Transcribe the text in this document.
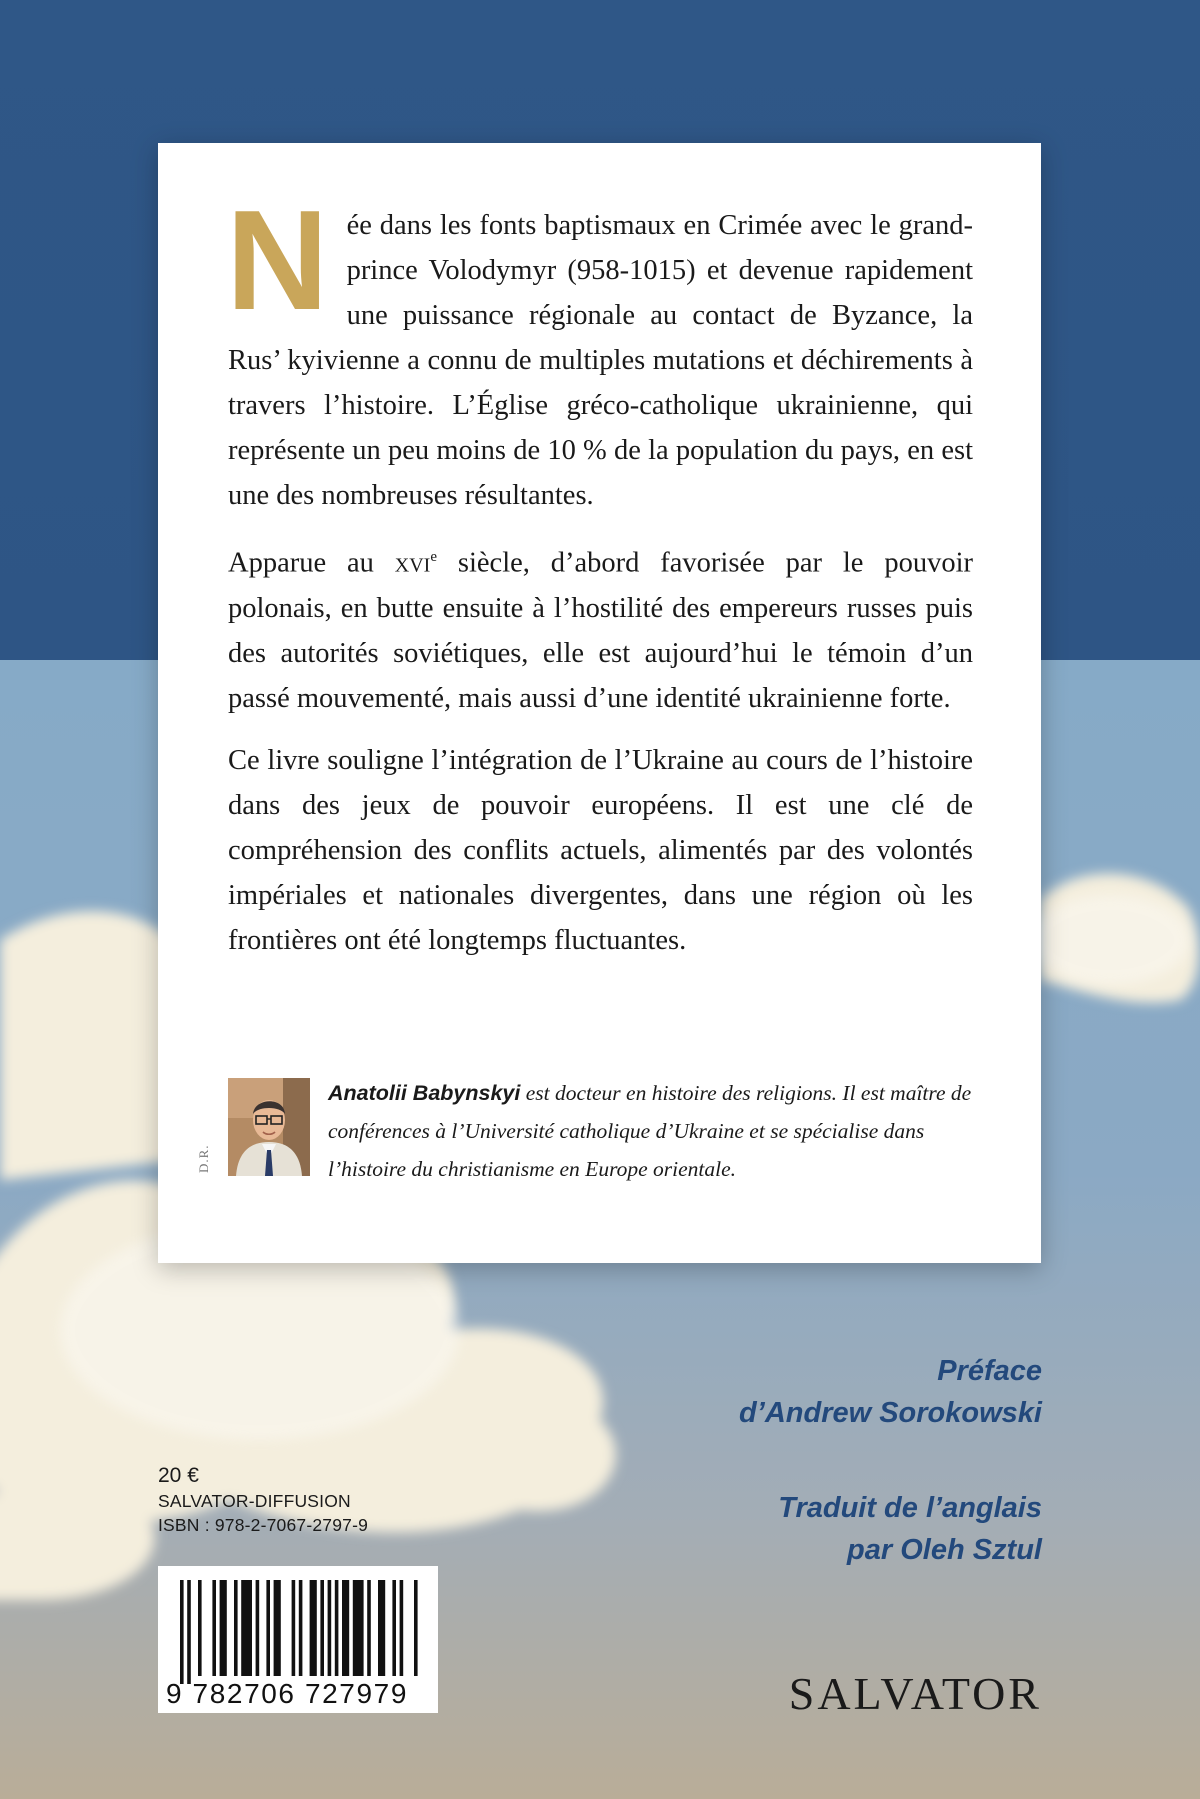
Née dans les fonts baptismaux en Crimée avec le grand-prince Volodymyr (958-1015) et devenue rapidement une puissance régionale au contact de Byzance, la Rus’ kyivienne a connu de multiples mutations et déchirements à travers l’histoire. L’Église gréco-catholique ukrainienne, qui représente un peu moins de 10 % de la population du pays, en est une des nombreuses résultantes.

Apparue au xvi$^e$ siècle, d’abord favorisée par le pouvoir polonais, en butte ensuite à l’hostilité des empereurs russes puis des autorités soviétiques, elle est aujourd’hui le témoin d’un passé mouvementé, mais aussi d’une identité ukrainienne forte.

Ce livre souligne l’intégration de l’Ukraine au cours de l’histoire dans des jeux de pouvoir européens. Il est une clé de compréhension des conflits actuels, alimentés par des volontés impériales et nationales divergentes, dans une région où les frontières ont été longtemps fluctuantes.

D.R.
Anatolii Babynskyi est docteur en histoire des religions. Il est maître de conférences à l’Université catholique d’Ukraine et se spécialise dans l’histoire du christianisme en Europe orientale.
Préface
d’Andrew Sorokowski
Traduit de l’anglais
par Oleh Sztul
20 €
SALVATOR-DIFFUSION
ISBN : 978-2-7067-2797-9
9 782706 727979	SALVATOR
